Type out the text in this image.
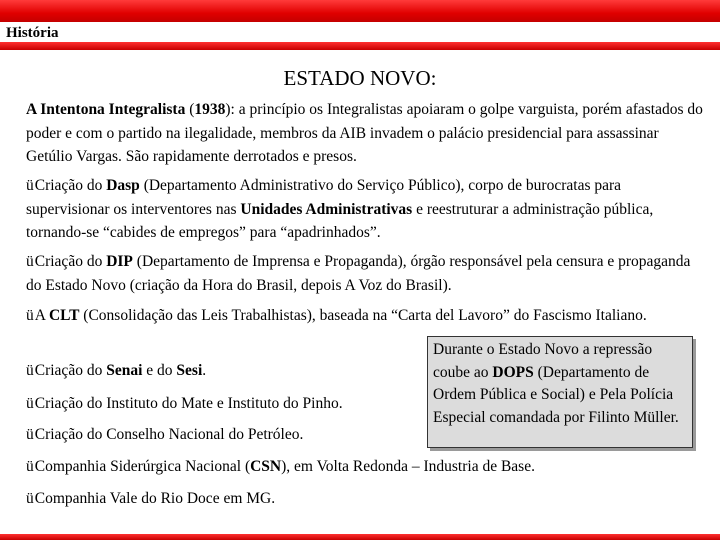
História
ESTADO NOVO:

A Intentona Integralista (1938): a princípio os Integralistas apoiaram o golpe varguista, porém afastados do poder e com o partido na ilegalidade, membros da AIB invadem o palácio presidencial para assassinar Getúlio Vargas. São rapidamente derrotados e presos.

üCriação do Dasp (Departamento Administrativo do Serviço Público), corpo de burocratas para supervisionar os interventores nas Unidades Administrativas e reestruturar a administração pública, tornando-se “cabides de empregos” para “apadrinhados”.

üCriação do DIP (Departamento de Imprensa e Propaganda), órgão responsável pela censura e propaganda do Estado Novo (criação da Hora do Brasil, depois A Voz do Brasil).

üA CLT (Consolidação das Leis Trabalhistas), baseada na “Carta del Lavoro” do Fascismo Italiano.

üCriação do Senai e do Sesi.
üCriação do Instituto do Mate e Instituto do Pinho.
üCriação do Conselho Nacional do Petróleo.
üCompanhia Siderúrgica Nacional (CSN), em Volta Redonda – Industria de Base.
üCompanhia Vale do Rio Doce em MG.
Durante o Estado Novo a repressão coube ao DOPS (Departamento de Ordem Pública e Social) e Pela Polícia Especial comandada por Filinto Müller.
